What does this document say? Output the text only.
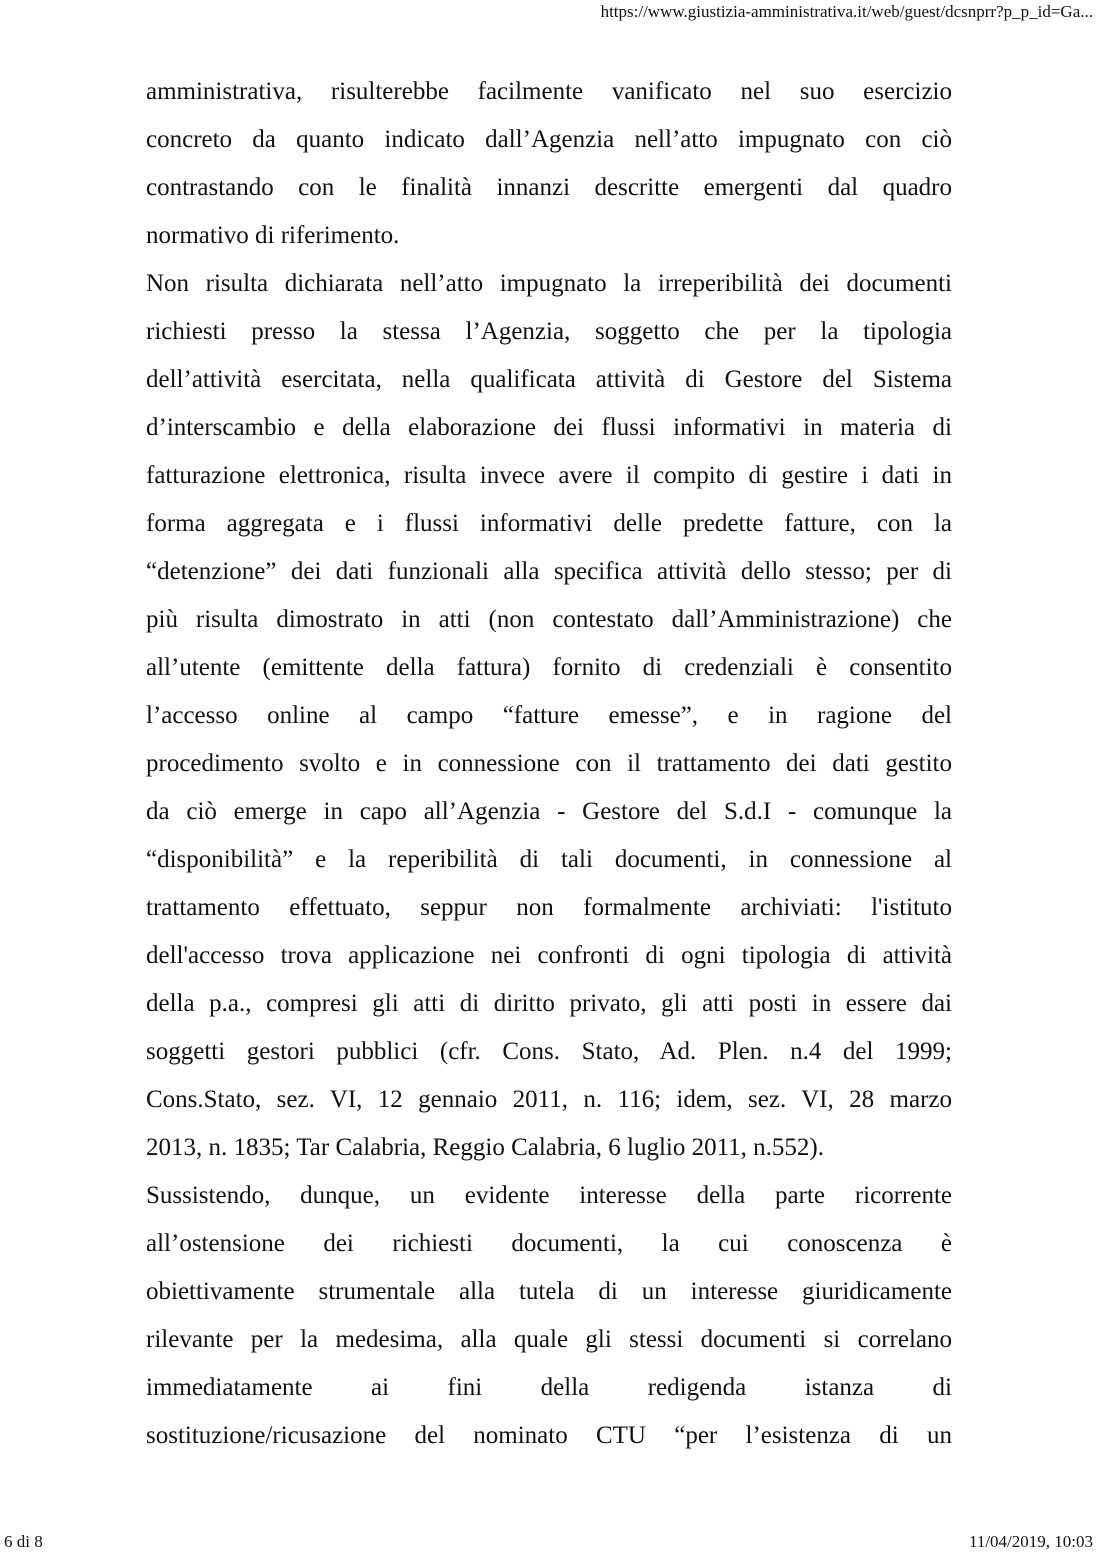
https://www.giustizia-amministrativa.it/web/guest/dcsnprr?p_p_id=Ga...
amministrativa, risulterebbe facilmente vanificato nel suo esercizio
concreto da quanto indicato dall’Agenzia nell’atto impugnato con ciò
contrastando con le finalità innanzi descritte emergenti dal quadro
normativo di riferimento.
Non risulta dichiarata nell’atto impugnato la irreperibilità dei documenti
richiesti presso la stessa l’Agenzia, soggetto che per la tipologia
dell’attività esercitata, nella qualificata attività di Gestore del Sistema
d’interscambio e della elaborazione dei flussi informativi in materia di
fatturazione elettronica, risulta invece avere il compito di gestire i dati in
forma aggregata e i flussi informativi delle predette fatture, con la
“detenzione” dei dati funzionali alla specifica attività dello stesso; per di
più risulta dimostrato in atti (non contestato dall’Amministrazione) che
all’utente (emittente della fattura) fornito di credenziali è consentito
l’accesso online al campo “fatture emesse”, e in ragione del
procedimento svolto e in connessione con il trattamento dei dati gestito
da ciò emerge in capo all’Agenzia - Gestore del S.d.I - comunque la
“disponibilità” e la reperibilità di tali documenti, in connessione al
trattamento effettuato, seppur non formalmente archiviati: l'istituto
dell'accesso trova applicazione nei confronti di ogni tipologia di attività
della p.a., compresi gli atti di diritto privato, gli atti posti in essere dai
soggetti gestori pubblici (cfr. Cons. Stato, Ad. Plen. n.4 del 1999;
Cons.Stato, sez. VI, 12 gennaio 2011, n. 116; idem, sez. VI, 28 marzo
2013, n. 1835; Tar Calabria, Reggio Calabria, 6 luglio 2011, n.552).
Sussistendo, dunque, un evidente interesse della parte ricorrente
all’ostensione dei richiesti documenti, la cui conoscenza è
obiettivamente strumentale alla tutela di un interesse giuridicamente
rilevante per la medesima, alla quale gli stessi documenti si correlano
immediatamente ai fini della redigenda istanza di
sostituzione/ricusazione del nominato CTU “per l’esistenza di un
6 di 8	11/04/2019, 10:03
